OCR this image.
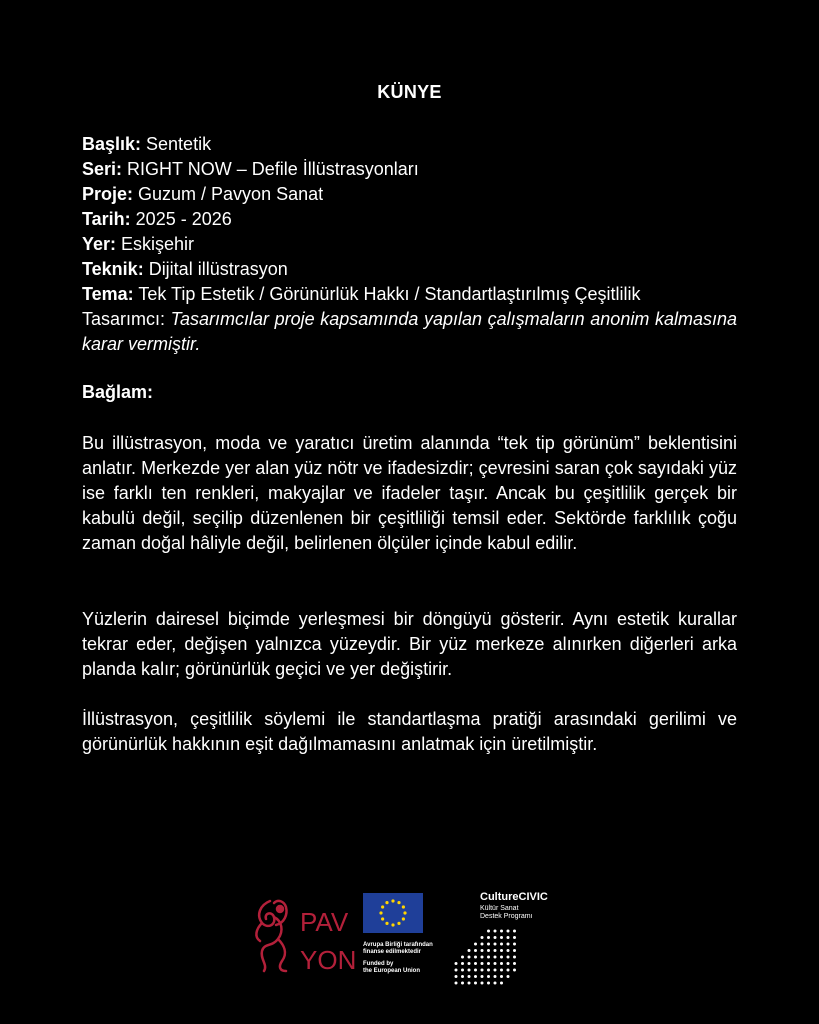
KÜNYE
Başlık: Sentetik
Seri: RIGHT NOW – Defile İllüstrasyonları
Proje: Guzum / Pavyon Sanat
Tarih: 2025 - 2026
Yer: Eskişehir
Teknik: Dijital illüstrasyon
Tema: Tek Tip Estetik / Görünürlük Hakkı / Standartlaştırılmış Çeşitlilik
Tasarımcı: Tasarımcılar proje kapsamında yapılan çalışmaların anonim kalmasına karar vermiştir.
Bağlam:
Bu illüstrasyon, moda ve yaratıcı üretim alanında “tek tip görünüm” beklentisini anlatır. Merkezde yer alan yüz nötr ve ifadesizdir; çevresini saran çok sayıdaki yüz ise farklı ten renkleri, makyajlar ve ifadeler taşır. Ancak bu çeşitlilik gerçek bir kabulü değil, seçilip düzenlenen bir çeşitliliği temsil eder. Sektörde farklılık çoğu zaman doğal hâliyle değil, belirlenen ölçüler içinde kabul edilir.
Yüzlerin dairesel biçimde yerleşmesi bir döngüyü gösterir. Aynı estetik kurallar tekrar eder, değişen yalnızca yüzeydir. Bir yüz merkeze alınırken diğerleri arka planda kalır; görünürlük geçici ve yer değiştirir.
İllüstrasyon, çeşitlilik söylemi ile standartlaşma pratiği arasındaki gerilimi ve görünürlük hakkının eşit dağılmamasını anlatmak için üretilmiştir.
PAV
YON Avrupa Birliği tarafından
finanse edilmektedir
Funded by
the European Union
CultureCIVIC
Kültür Sanat
Destek Programı
